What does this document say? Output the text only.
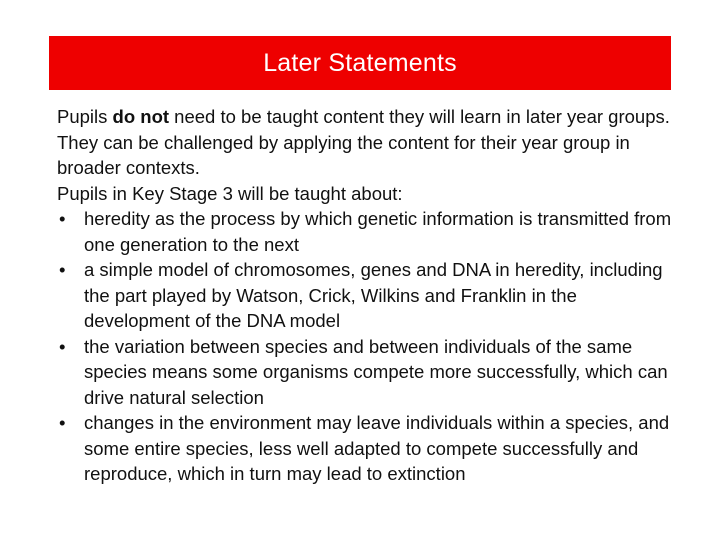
Later Statements

Pupils do not need to be taught content they will learn in later year groups. They can be challenged by applying the content for their year group in broader contexts.

Pupils in Key Stage 3 will be taught about:

• heredity as the process by which genetic information is transmitted from one generation to the next
• a simple model of chromosomes, genes and DNA in heredity, including the part played by Watson, Crick, Wilkins and Franklin in the development of the DNA model
• the variation between species and between individuals of the same species means some organisms compete more successfully, which can drive natural selection
• changes in the environment may leave individuals within a species, and some entire species, less well adapted to compete successfully and reproduce, which in turn may lead to extinction
